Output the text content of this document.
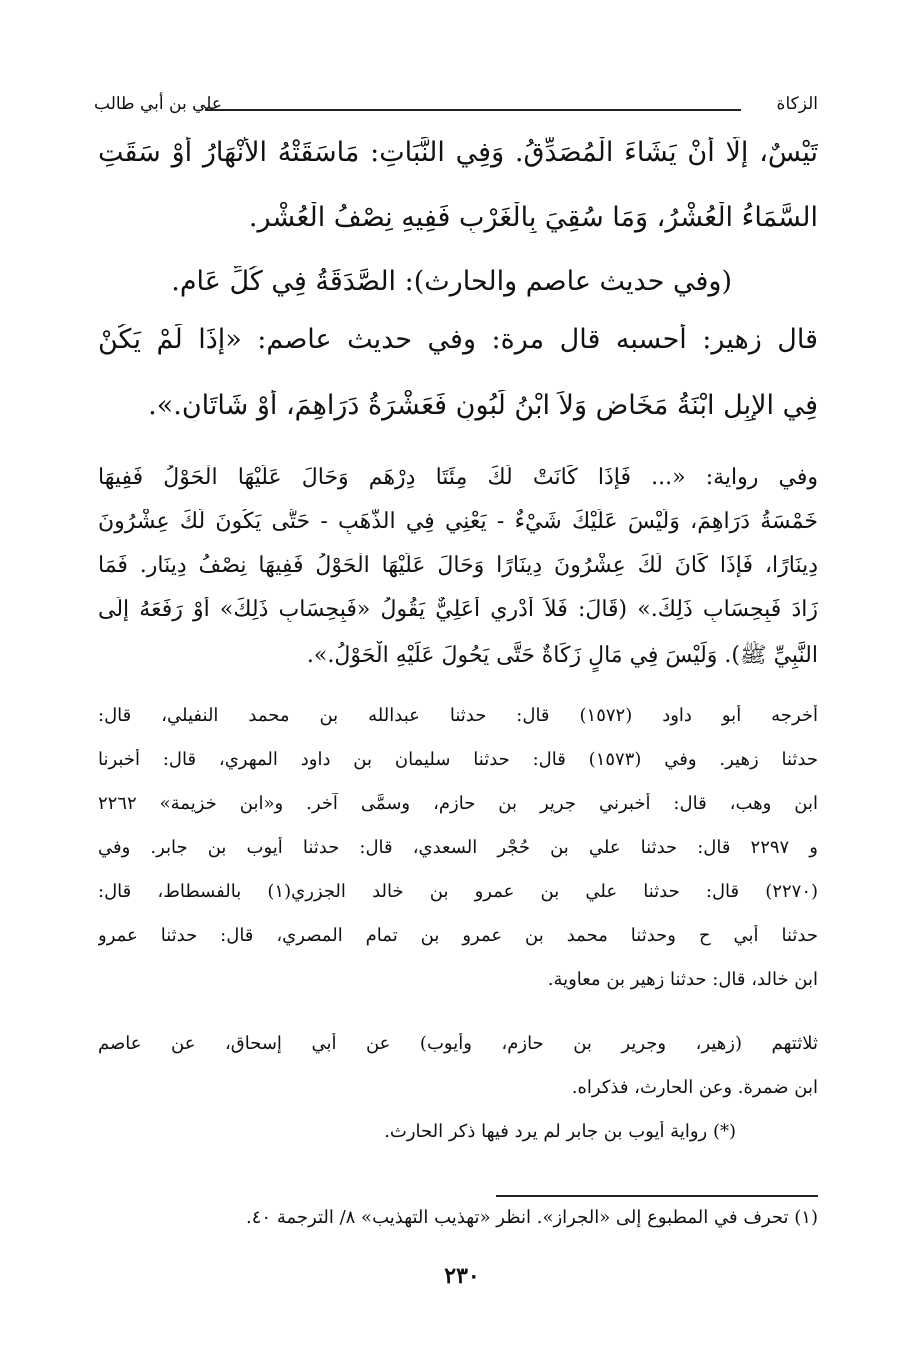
الزكاة
علي بن أبي طالب
تَيْسٌ، إِلَّا أَنْ يَشَاءَ الْمُصَدِّقُ. وَفِي النَّبَاتِ: مَاسَقَتْهُ الأَنْهَارُ أَوْ سَقَتِ
السَّمَاءُ الْعُشْرُ، وَمَا سُقِيَ بِالْغَرْبِ فَفِيهِ نِصْفُ الْعُشْرِ.
(وفي حديث عاصم والحارث): الصَّدَقَةُ فِي كُلِّ عَامٍ.
قال زهير: أحسبه قال مرة: وفي حديث عاصم: «إِذَا لَمْ يَكُنْ
فِي الإِبِلِ ابْنَةُ مَخَاضٍ وَلاَ ابْنُ لَبُونٍ فَعَشْرَةُ دَرَاهِمَ، أَوْ شَاتَانِ.».
وفي رواية: «... فَإِذَا كَانَتْ لَكَ مِئَتَا دِرْهَمٍ وَحَالَ عَلَيْهَا الْحَوْلُ فَفِيهَا
خَمْسَةُ دَرَاهِمَ، وَلَيْسَ عَلَيْكَ شَيْءٌ - يَعْنِي فِي الذَّهَبِ - حَتَّى يَكُونَ لَكَ عِشْرُونَ
دِينَارًا، فَإِذَا كَانَ لَكَ عِشْرُونَ دِينَارًا وَحَالَ عَلَيْهَا الْحَوْلُ فَفِيهَا نِصْفُ دِينَارٍ. فَمَا
زَادَ فَبِحِسَابِ ذَلِكَ.» (قَالَ: فَلاَ أَدْرِي أَعَلِيٌّ يَقُولُ «فَبِحِسَابِ ذَلِكَ» أَوْ رَفَعَهُ إِلَى
النَّبِيِّ ﷺ). وَلَيْسَ فِي مَالٍ زَكَاةٌ حَتَّى يَحُولَ عَلَيْهِ الْحَوْلُ.».
أخرجه أبو داود (١٥٧٢) قال: حدثنا عبدالله بن محمد النفيلي، قال:
حدثنا زهير. وفي (١٥٧٣) قال: حدثنا سليمان بن داود المهري، قال: أخبرنا
ابن وهب، قال: أخبرني جرير بن حازم، وسمَّى آخر. و«ابن خزيمة» ٢٢٦٢
و ٢٢٩٧ قال: حدثنا علي بن حُجْر السعدي، قال: حدثنا أيوب بن جابر. وفي
(٢٢٧٠) قال: حدثنا علي بن عمرو بن خالد الجزري(١) بالفسطاط، قال:
حدثنا أبي ح وحدثنا محمد بن عمرو بن تمام المصري، قال: حدثنا عمرو
ابن خالد، قال: حدثنا زهير بن معاوية.
ثلاثتهم (زهير، وجرير بن حازم، وأيوب) عن أبي إسحاق، عن عاصم
ابن ضمرة. وعن الحارث، فذكراه.
(*) رواية أيوب بن جابر لم يرد فيها ذكر الحارث.
(١) تحرف في المطبوع إلى «الجراز». انظر «تهذيب التهذيب» ٨/ الترجمة ٤٠.
٢٣٠
